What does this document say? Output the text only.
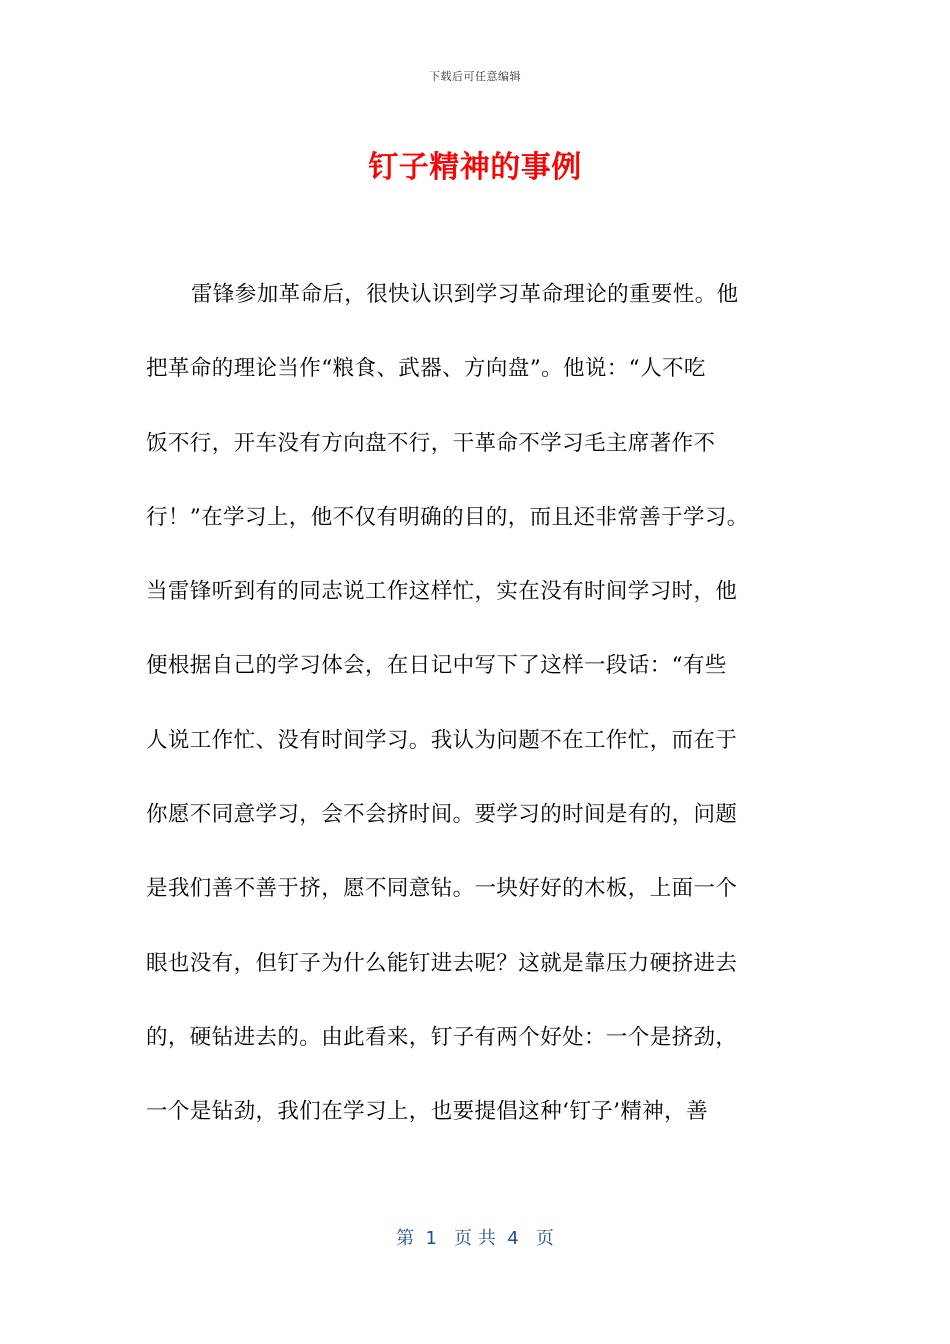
下载后可任意编辑
钉子精神的事例
雷锋参加革命后，很快认识到学习革命理论的重要性。他
把革命的理论当作“粮食、武器、方向盘”。他说：“人不吃
饭不行，开车没有方向盘不行，干革命不学习毛主席著作不
行！”在学习上，他不仅有明确的目的，而且还非常善于学习。
当雷锋听到有的同志说工作这样忙，实在没有时间学习时，他
便根据自己的学习体会，在日记中写下了这样一段话：“有些
人说工作忙、没有时间学习。我认为问题不在工作忙，而在于
你愿不同意学习，会不会挤时间。要学习的时间是有的，问题
是我们善不善于挤，愿不同意钻。一块好好的木板，上面一个
眼也没有，但钉子为什么能钉进去呢？这就是靠压力硬挤进去
的，硬钻进去的。由此看来，钉子有两个好处：一个是挤劲，
一个是钻劲，我们在学习上，也要提倡这种‘钉子’精神，善
第  1   页 共  4   页
